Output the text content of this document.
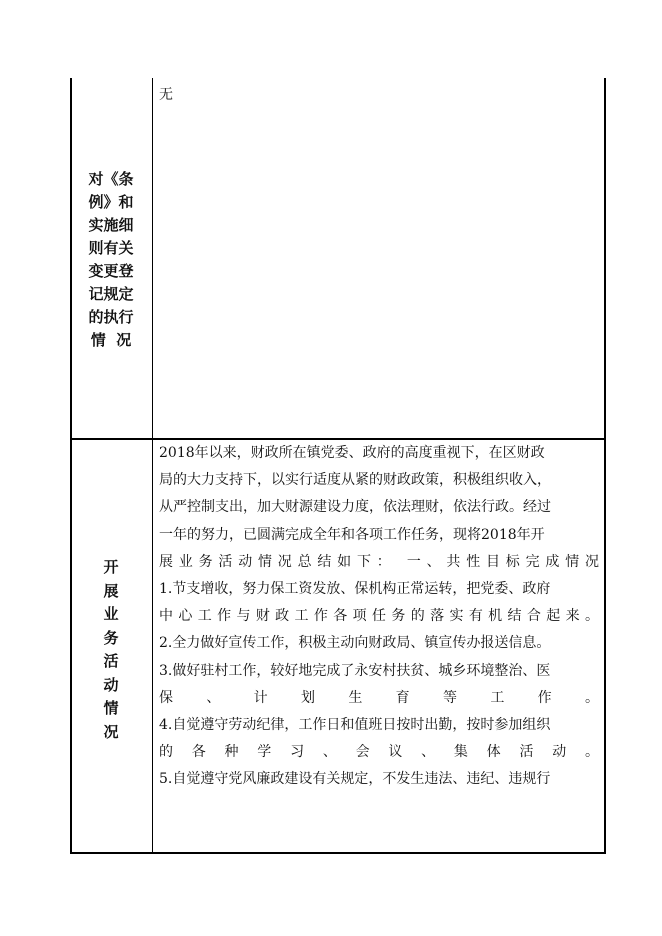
对《条
例》和
实施细
则有关
变更登
记规定
的执行
情  况
无
开
展
业
务
活
动
情
况
2018年以来，财政所在镇党委、政府的高度重视下，在区财政
局的大力支持下，以实行适度从紧的财政政策，积极组织收入，
从严控制支出，加大财源建设力度，依法理财，依法行政。经过
一年的努力，已圆满完成全年和各项工作任务，现将2018年开
展业务活动情况总结如下： 一、共性目标完成情况
1.节支增收，努力保工资发放、保机构正常运转，把党委、政府
中心工作与财政工作各项任务的落实有机结合起来。
2.全力做好宣传工作，积极主动向财政局、镇宣传办报送信息。
3.做好驻村工作，较好地完成了永安村扶贫、城乡环境整治、医
保 、 计 划 生 育 等 工 作 。
4.自觉遵守劳动纪律，工作日和值班日按时出勤，按时参加组织
的 各 种 学 习 、 会 议 、 集 体 活 动 。
5.自觉遵守党风廉政建设有关规定，不发生违法、违纪、违规行
